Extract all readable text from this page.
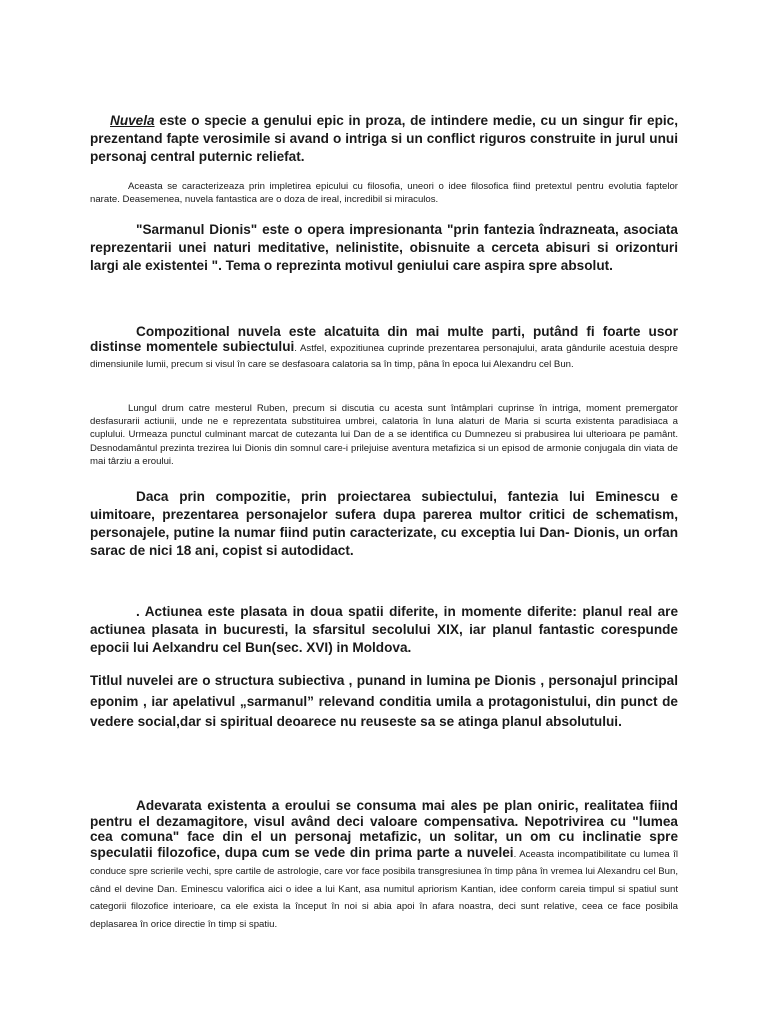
Nuvela este o specie a genului epic in proza, de intindere medie, cu un singur fir epic, prezentand fapte verosimile si avand o intriga si un conflict riguros construite in jurul unui personaj central puternic reliefat.

Aceasta se caracterizeaza prin impletirea epicului cu filosofia, uneori o idee filosofica fiind pretextul pentru evolutia faptelor narate. Deasemenea, nuvela fantastica are o doza de ireal, incredibil si miraculos.

"Sarmanul Dionis" este o opera impresionanta "prin fantezia îndrazneata, asociata reprezentarii unei naturi meditative, nelinistite, obisnuite a cerceta abisuri si orizonturi largi ale existentei ". Tema o reprezinta motivul geniului care aspira spre absolut.

Compozitional nuvela este alcatuita din mai multe parti, putând fi foarte usor distinse momentele subiectului. Astfel, expozitiunea cuprinde prezentarea personajului, arata gândurile acestuia despre dimensiunile lumii, precum si visul în care se desfasoara calatoria sa în timp, pâna în epoca lui Alexandru cel Bun.

Lungul drum catre mesterul Ruben, precum si discutia cu acesta sunt întâmplari cuprinse în intriga, moment premergator desfasurarii actiunii, unde ne e reprezentata substituirea umbrei, calatoria în luna alaturi de Maria si scurta existenta paradisiaca a cuplului. Urmeaza punctul culminant marcat de cutezanta lui Dan de a se identifica cu Dumnezeu si prabusirea lui ulterioara pe pamânt. Desnodamântul prezinta trezirea lui Dionis din somnul care-i prilejuise aventura metafizica si un episod de armonie conjugala din viata de mai târziu a eroului.

Daca prin compozitie, prin proiectarea subiectului, fantezia lui Eminescu e uimitoare, prezentarea personajelor sufera dupa parerea multor critici de schematism, personajele, putine la numar fiind putin caracterizate, cu exceptia lui Dan- Dionis, un orfan sarac de nici 18 ani, copist si autodidact.

. Actiunea este plasata in doua spatii diferite, in momente diferite: planul real are actiunea plasata in bucuresti, la sfarsitul secolului XIX, iar planul fantastic corespunde epocii lui Aelxandru cel Bun(sec. XVI) in Moldova.

Titlul nuvelei are o structura subiectiva , punand in lumina pe Dionis , personajul principal eponim , iar apelativul „sarmanul” relevand conditia umila a protagonistului, din punct de vedere social,dar si spiritual deoarece nu reuseste sa se atinga planul absolutului.

Adevarata existenta a eroului se consuma mai ales pe plan oniric, realitatea fiind pentru el dezamagitore, visul având deci valoare compensativa. Nepotrivirea cu "lumea cea comuna" face din el un personaj metafizic, un solitar, un om cu inclinatie spre speculatii filozofice, dupa cum se vede din prima parte a nuvelei. Aceasta incompatibilitate cu lumea îl conduce spre scrierile vechi, spre cartile de astrologie, care vor face posibila transgresiunea în timp pâna în vremea lui Alexandru cel Bun, când el devine Dan. Eminescu valorifica aici o idee a lui Kant, asa numitul apriorism Kantian, idee conform careia timpul si spatiul sunt categorii filozofice interioare, ca ele exista la început în noi si abia apoi în afara noastra, deci sunt relative, ceea ce face posibila deplasarea în orice directie în timp si spatiu.
